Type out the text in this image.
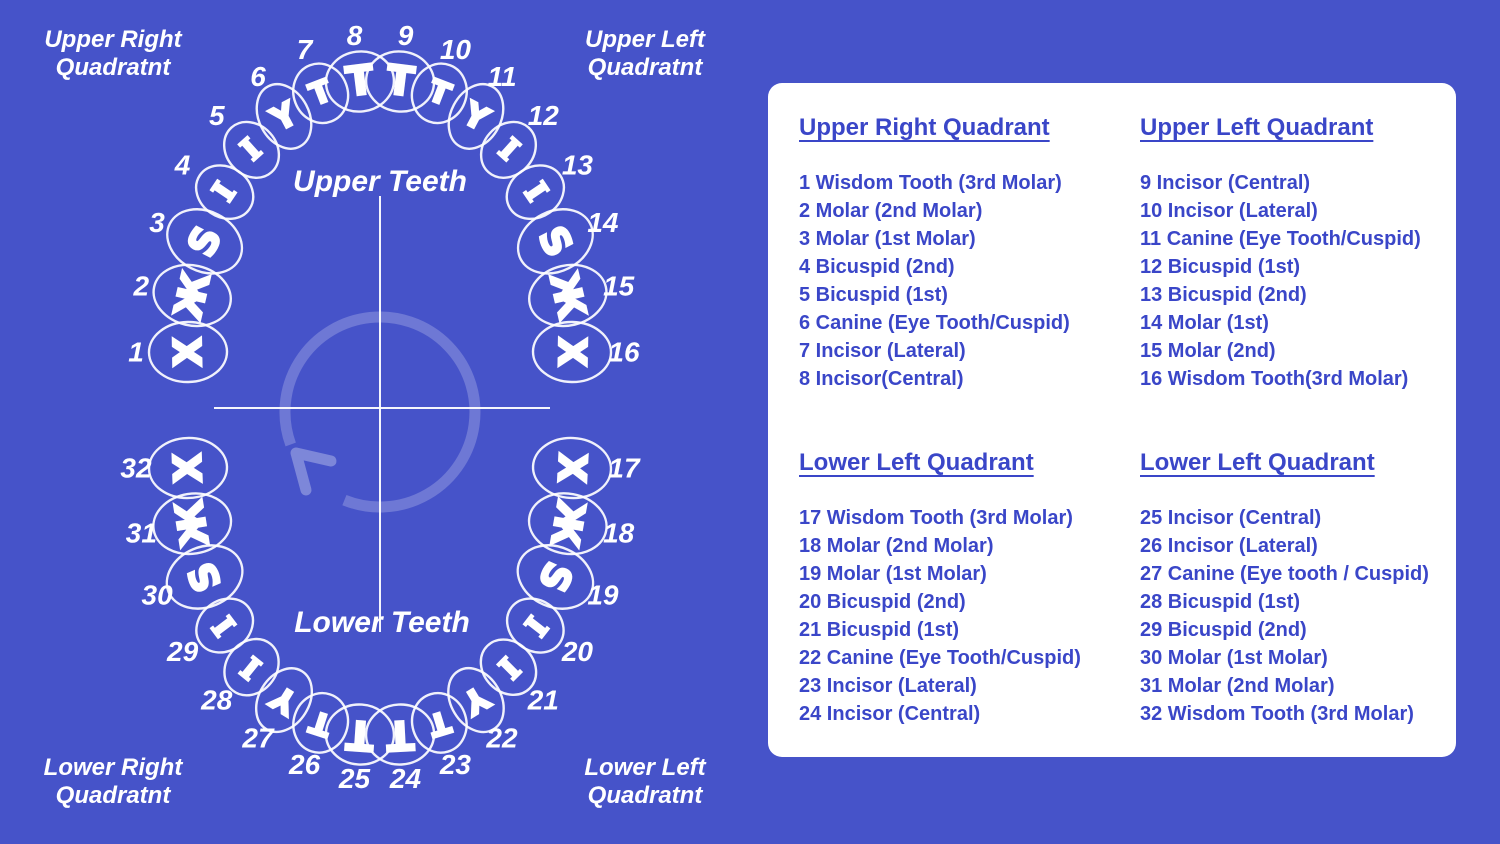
X
1
Ж
2
S
3
I
4 I
5 Y
6 T
7
T
8
T
9
T
10
Y
11
I
12
I
13
S 14
Ж 15
X 16
X 17
Ж 18
S 19
I
20
I
21
Y
22
T
23
T
24
T
25
T
26
Y
27
I
28
I
29
S
30
Ж
31
X
32
Upper Right
Quadratnt
Upper Left
Quadratnt
Lower Right
Quadratnt
Lower Left
Quadratnt
Upper Teeth
Lower Teeth
Upper Right Quadrant
1 Wisdom Tooth (3rd Molar)
2 Molar (2nd Molar)
3 Molar (1st Molar)
4 Bicuspid (2nd)
5 Bicuspid (1st)
6 Canine (Eye Tooth/Cuspid)
7 Incisor (Lateral)
8 Incisor(Central)
Upper Left Quadrant
9 Incisor (Central)
10 Incisor (Lateral)
11 Canine (Eye Tooth/Cuspid)
12 Bicuspid (1st)
13 Bicuspid (2nd)
14 Molar (1st)
15 Molar (2nd)
16 Wisdom Tooth(3rd Molar)
Lower Left Quadrant
17 Wisdom Tooth (3rd Molar)
18 Molar (2nd Molar)
19 Molar (1st Molar)
20 Bicuspid (2nd)
21 Bicuspid (1st)
22 Canine (Eye Tooth/Cuspid)
23 Incisor (Lateral)
24 Incisor (Central)
Lower Left Quadrant
25 Incisor (Central)
26 Incisor (Lateral)
27 Canine (Eye tooth / Cuspid)
28 Bicuspid (1st)
29 Bicuspid (2nd)
30 Molar (1st Molar)
31 Molar (2nd Molar)
32 Wisdom Tooth (3rd Molar)
